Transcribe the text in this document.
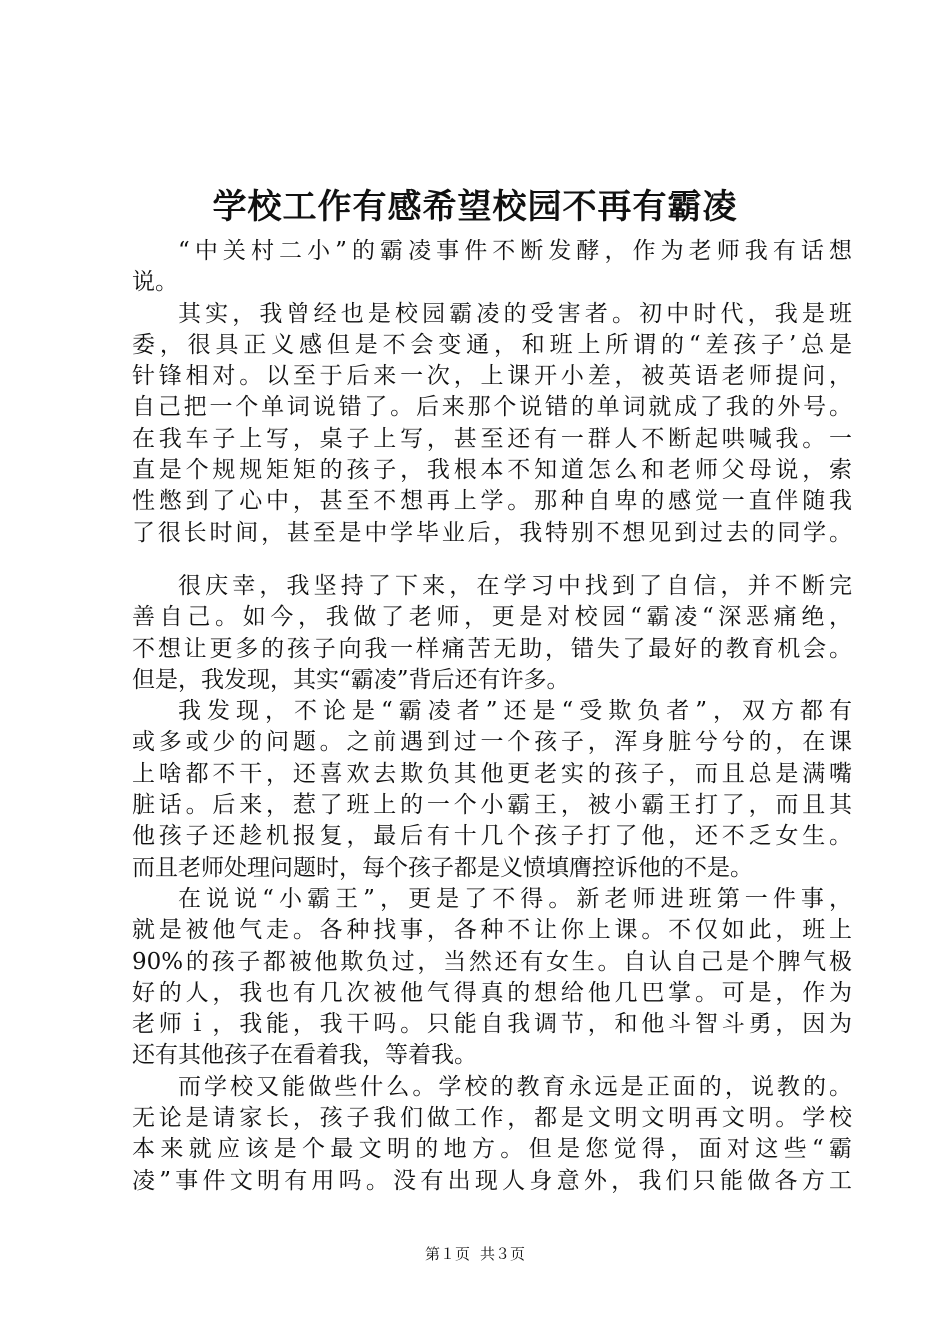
学校工作有感希望校园不再有霸凌
“中关村二小”的霸凌事件不断发酵，作为老师我有话想
说。
其实，我曾经也是校园霸凌的受害者。初中时代，我是班
委，很具正义感但是不会变通，和班上所谓的“差孩子’总是
针锋相对。以至于后来一次，上课开小差，被英语老师提问，
自己把一个单词说错了。后来那个说错的单词就成了我的外号。
在我车子上写，桌子上写，甚至还有一群人不断起哄喊我。一
直是个规规矩矩的孩子，我根本不知道怎么和老师父母说，索
性憋到了心中，甚至不想再上学。那种自卑的感觉一直伴随我
了很长时间，甚至是中学毕业后，我特别不想见到过去的同学。
很庆幸，我坚持了下来，在学习中找到了自信，并不断完
善自己。如今，我做了老师，更是对校园“霸凌“深恶痛绝，
不想让更多的孩子向我一样痛苦无助，错失了最好的教育机会。
但是，我发现，其实“霸凌”背后还有许多。
我发现，不论是“霸凌者”还是“受欺负者”，双方都有
或多或少的问题。之前遇到过一个孩子，浑身脏兮兮的，在课
上啥都不干，还喜欢去欺负其他更老实的孩子，而且总是满嘴
脏话。后来，惹了班上的一个小霸王，被小霸王打了，而且其
他孩子还趁机报复，最后有十几个孩子打了他，还不乏女生。
而且老师处理问题时，每个孩子都是义愤填膺控诉他的不是。
在说说“小霸王”，更是了不得。新老师进班第一件事，
就是被他气走。各种找事，各种不让你上课。不仅如此，班上
90%的孩子都被他欺负过，当然还有女生。自认自己是个脾气极
好的人，我也有几次被他气得真的想给他几巴掌。可是，作为
老师ｉ，我能，我干吗。只能自我调节，和他斗智斗勇，因为
还有其他孩子在看着我，等着我。
而学校又能做些什么。学校的教育永远是正面的，说教的。
无论是请家长，孩子我们做工作，都是文明文明再文明。学校
本来就应该是个最文明的地方。但是您觉得，面对这些“霸
凌”事件文明有用吗。没有出现人身意外，我们只能做各方工
第１页 共３页
